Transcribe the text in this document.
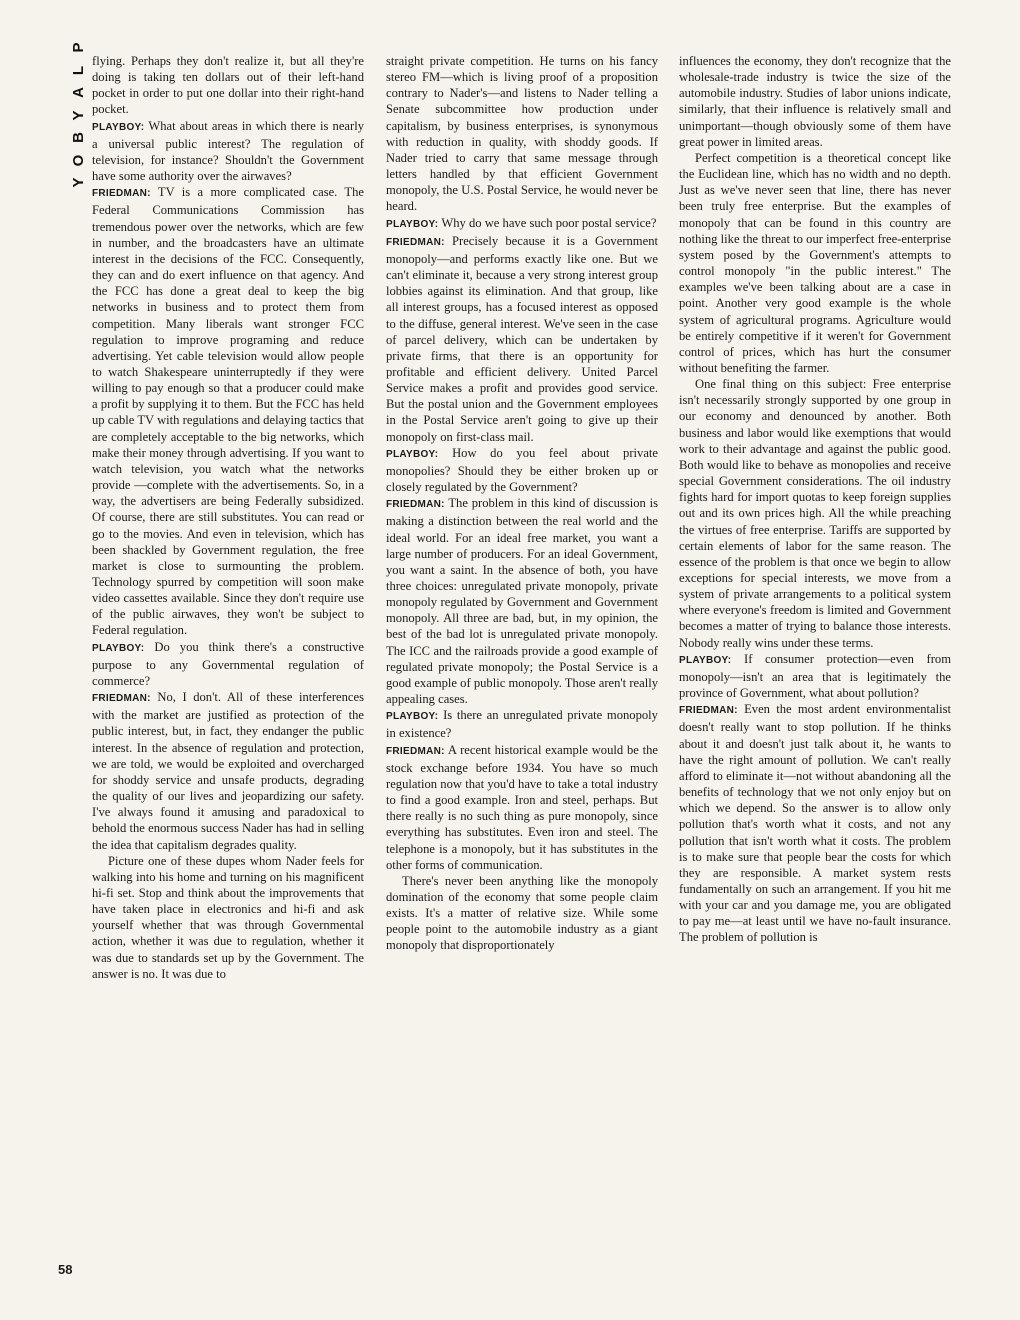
P
L
A
Y
B
O
Y
58

flying. Perhaps they don't realize it, but all they're doing is taking ten dollars out of their left-hand pocket in order to put one dollar into their right-hand pocket.

PLAYBOY: What about areas in which there is nearly a universal public interest? The regulation of television, for instance? Shouldn't the Government have some authority over the airwaves?

FRIEDMAN: TV is a more complicated case. The Federal Communications Commission has tremendous power over the networks, which are few in number, and the broadcasters have an ultimate interest in the decisions of the FCC. Consequently, they can and do exert influence on that agency. And the FCC has done a great deal to keep the big networks in business and to protect them from competition. Many liberals want stronger FCC regulation to improve programing and reduce advertising. Yet cable television would allow people to watch Shakespeare uninterruptedly if they were willing to pay enough so that a producer could make a profit by supplying it to them. But the FCC has held up cable TV with regulations and delaying tactics that are completely acceptable to the big networks, which make their money through advertising. If you want to watch television, you watch what the networks provide —complete with the advertisements. So, in a way, the advertisers are being Federally subsidized. Of course, there are still substitutes. You can read or go to the movies. And even in television, which has been shackled by Government regulation, the free market is close to surmounting the problem. Technology spurred by competition will soon make video cassettes available. Since they don't require use of the public airwaves, they won't be subject to Federal regulation.

PLAYBOY: Do you think there's a constructive purpose to any Governmental regulation of commerce?

FRIEDMAN: No, I don't. All of these interferences with the market are justified as protection of the public interest, but, in fact, they endanger the public interest. In the absence of regulation and protection, we are told, we would be exploited and overcharged for shoddy service and unsafe products, degrading the quality of our lives and jeopardizing our safety. I've always found it amusing and paradoxical to behold the enormous success Nader has had in selling the idea that capitalism degrades quality.

Picture one of these dupes whom Nader feels for walking into his home and turning on his magnificent hi-fi set. Stop and think about the improvements that have taken place in electronics and hi-fi and ask yourself whether that was through Governmental action, whether it was due to regulation, whether it was due to standards set up by the Government. The answer is no. It was due to

straight private competition. He turns on his fancy stereo FM—which is living proof of a proposition contrary to Nader's—and listens to Nader telling a Senate subcommittee how production under capitalism, by business enterprises, is synonymous with reduction in quality, with shoddy goods. If Nader tried to carry that same message through letters handled by that efficient Government monopoly, the U.S. Postal Service, he would never be heard.

PLAYBOY: Why do we have such poor postal service?

FRIEDMAN: Precisely because it is a Government monopoly—and performs exactly like one. But we can't eliminate it, because a very strong interest group lobbies against its elimination. And that group, like all interest groups, has a focused interest as opposed to the diffuse, general interest. We've seen in the case of parcel delivery, which can be undertaken by private firms, that there is an opportunity for profitable and efficient delivery. United Parcel Service makes a profit and provides good service. But the postal union and the Government employees in the Postal Service aren't going to give up their monopoly on first-class mail.

PLAYBOY: How do you feel about private monopolies? Should they be either broken up or closely regulated by the Government?

FRIEDMAN: The problem in this kind of discussion is making a distinction between the real world and the ideal world. For an ideal free market, you want a large number of producers. For an ideal Government, you want a saint. In the absence of both, you have three choices: unregulated private monopoly, private monopoly regulated by Government and Government monopoly. All three are bad, but, in my opinion, the best of the bad lot is unregulated private monopoly. The ICC and the railroads provide a good example of regulated private monopoly; the Postal Service is a good example of public monopoly. Those aren't really appealing cases.

PLAYBOY: Is there an unregulated private monopoly in existence?

FRIEDMAN: A recent historical example would be the stock exchange before 1934. You have so much regulation now that you'd have to take a total industry to find a good example. Iron and steel, perhaps. But there really is no such thing as pure monopoly, since everything has substitutes. Even iron and steel. The telephone is a monopoly, but it has substitutes in the other forms of communication.

There's never been anything like the monopoly domination of the economy that some people claim exists. It's a matter of relative size. While some people point to the automobile industry as a giant monopoly that disproportionately

influences the economy, they don't recognize that the wholesale-trade industry is twice the size of the automobile industry. Studies of labor unions indicate, similarly, that their influence is relatively small and unimportant—though obviously some of them have great power in limited areas.

Perfect competition is a theoretical concept like the Euclidean line, which has no width and no depth. Just as we've never seen that line, there has never been truly free enterprise. But the examples of monopoly that can be found in this country are nothing like the threat to our imperfect free-enterprise system posed by the Government's attempts to control monopoly "in the public interest." The examples we've been talking about are a case in point. Another very good example is the whole system of agricultural programs. Agriculture would be entirely competitive if it weren't for Government control of prices, which has hurt the consumer without benefiting the farmer.

One final thing on this subject: Free enterprise isn't necessarily strongly supported by one group in our economy and denounced by another. Both business and labor would like exemptions that would work to their advantage and against the public good. Both would like to behave as monopolies and receive special Government considerations. The oil industry fights hard for import quotas to keep foreign supplies out and its own prices high. All the while preaching the virtues of free enterprise. Tariffs are supported by certain elements of labor for the same reason. The essence of the problem is that once we begin to allow exceptions for special interests, we move from a system of private arrangements to a political system where everyone's freedom is limited and Government becomes a matter of trying to balance those interests. Nobody really wins under these terms.

PLAYBOY: If consumer protection—even from monopoly—isn't an area that is legitimately the province of Government, what about pollution?

FRIEDMAN: Even the most ardent environmentalist doesn't really want to stop pollution. If he thinks about it and doesn't just talk about it, he wants to have the right amount of pollution. We can't really afford to eliminate it—not without abandoning all the benefits of technology that we not only enjoy but on which we depend. So the answer is to allow only pollution that's worth what it costs, and not any pollution that isn't worth what it costs. The problem is to make sure that people bear the costs for which they are responsible. A market system rests fundamentally on such an arrangement. If you hit me with your car and you damage me, you are obligated to pay me—at least until we have no-fault insurance. The problem of pollution is
